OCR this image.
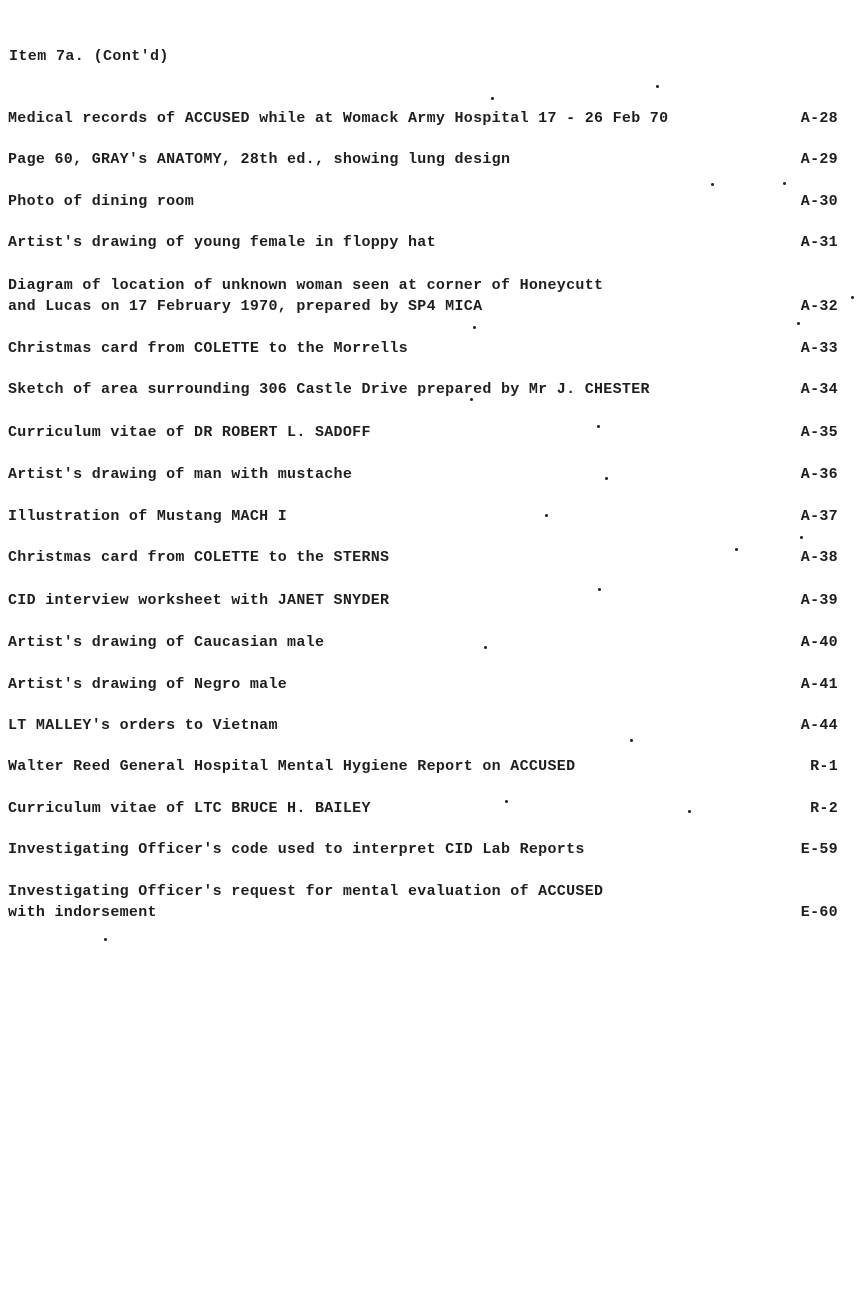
Item 7a. (Cont'd)
Medical records of ACCUSED while at Womack Army Hospital 17 - 26 Feb 70	A-28
Page 60, GRAY's ANATOMY, 28th ed., showing lung design	A-29
Photo of dining room	A-30
Artist's drawing of young female in floppy hat	A-31
Diagram of location of unknown woman seen at corner of Honeycutt
and Lucas on 17 February 1970, prepared by SP4 MICA	A-32
Christmas card from COLETTE to the Morrells	A-33
Sketch of area surrounding 306 Castle Drive prepared by Mr J. CHESTER	A-34
Curriculum vitae of DR ROBERT L. SADOFF	A-35
Artist's drawing of man with mustache	A-36
Illustration of Mustang MACH I	A-37
Christmas card from COLETTE to the STERNS	A-38
CID interview worksheet with JANET SNYDER	A-39
Artist's drawing of Caucasian male	A-40
Artist's drawing of Negro male	A-41
LT MALLEY's orders to Vietnam	A-44
Walter Reed General Hospital Mental Hygiene Report on ACCUSED	R-1
Curriculum vitae of LTC BRUCE H. BAILEY	R-2
Investigating Officer's code used to interpret CID Lab Reports	E-59
Investigating Officer's request for mental evaluation of ACCUSED
with indorsement	E-60
